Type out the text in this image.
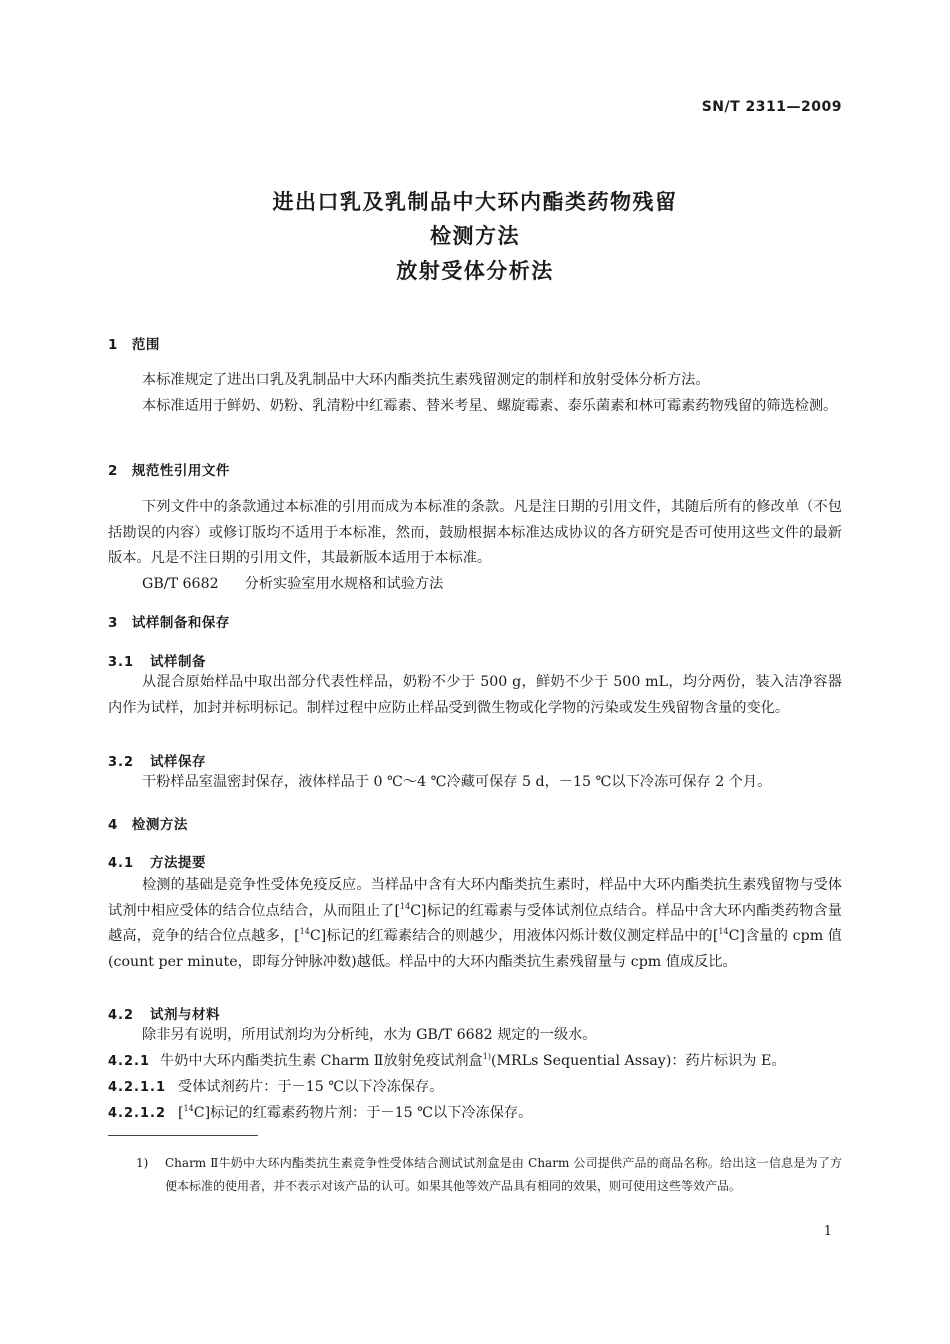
SN/T 2311—2009
进出口乳及乳制品中大环内酯类药物残留
检测方法
放射受体分析法
1 范围
本标准规定了进出口乳及乳制品中大环内酯类抗生素残留测定的制样和放射受体分析方法。
本标准适用于鲜奶、奶粉、乳清粉中红霉素、替米考星、螺旋霉素、泰乐菌素和林可霉素药物残留的筛选检测。
2 规范性引用文件
下列文件中的条款通过本标准的引用而成为本标准的条款。凡是注日期的引用文件，其随后所有的修改单（不包括勘误的内容）或修订版均不适用于本标准，然而，鼓励根据本标准达成协议的各方研究是否可使用这些文件的最新版本。凡是不注日期的引用文件，其最新版本适用于本标准。
GB/T 6682 分析实验室用水规格和试验方法
3 试样制备和保存
3.1 试样制备
从混合原始样品中取出部分代表性样品，奶粉不少于 500 g，鲜奶不少于 500 mL，均分两份，装入洁净容器内作为试样，加封并标明标记。制样过程中应防止样品受到微生物或化学物的污染或发生残留物含量的变化。
3.2 试样保存
干粉样品室温密封保存，液体样品于 0 ℃～4 ℃冷藏可保存 5 d，－15 ℃以下冷冻可保存 2 个月。
4 检测方法
4.1 方法提要
检测的基础是竞争性受体免疫反应。当样品中含有大环内酯类抗生素时，样品中大环内酯类抗生素残留物与受体试剂中相应受体的结合位点结合，从而阻止了[$^{14}$C]标记的红霉素与受体试剂位点结合。样品中含大环内酯类药物含量越高，竞争的结合位点越多，[$^{14}$C]标记的红霉素结合的则越少，用液体闪烁计数仪测定样品中的[$^{14}$C]含量的 cpm 值(count per minute，即每分钟脉冲数)越低。样品中的大环内酯类抗生素残留量与 cpm 值成反比。
4.2 试剂与材料
除非另有说明，所用试剂均为分析纯，水为 GB/T 6682 规定的一级水。
4.2.1 牛奶中大环内酯类抗生素 Charm Ⅱ放射免疫试剂盒$^{1)}$(MRLs Sequential Assay)：药片标识为 E。
4.2.1.1 受体试剂药片：于－15 ℃以下冷冻保存。
4.2.1.2 [$^{14}$C]标记的红霉素药物片剂：于－15 ℃以下冷冻保存。
1) Charm Ⅱ牛奶中大环内酯类抗生素竞争性受体结合测试试剂盒是由 Charm 公司提供产品的商品名称。给出这一信息是为了方便本标准的使用者，并不表示对该产品的认可。如果其他等效产品具有相同的效果，则可使用这些等效产品。
1
